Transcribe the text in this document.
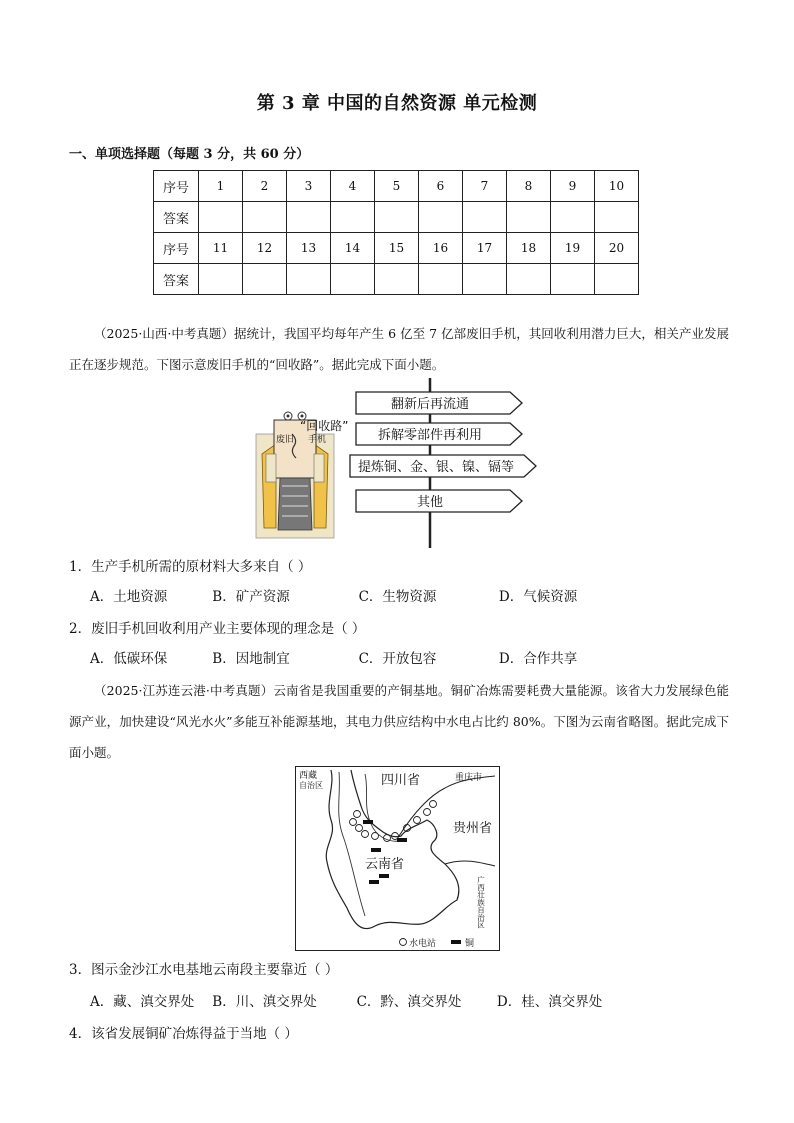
第 3 章 中国的自然资源 单元检测
一、单项选择题（每题 3 分，共 60 分）
序号	1	2	3	4	5	6	7	8	9	10
答案										
序号	11	12	13	14	15	16	17	18	19	20
答案										
（2025·山西·中考真题）据统计，我国平均每年产生 6 亿至 7 亿部废旧手机，其回收利用潜力巨大，相关产业发展正在逐步规范。下图示意废旧手机的“回收路”。据此完成下面小题。
废旧 手机
“回收路”
翻新后再流通
拆解零部件再利用
提炼铜、金、银、镍、镉等
其他
1．生产手机所需的原材料大多来自（ ）
A．土地资源	B．矿产资源	C．生物资源	D．气候资源
2．废旧手机回收利用产业主要体现的理念是（ ）
A．低碳环保	B．因地制宜	C．开放包容	D．合作共享
（2025·江苏连云港·中考真题）云南省是我国重要的产铜基地。铜矿冶炼需要耗费大量能源。该省大力发展绿色能源产业，加快建设“风光水火”多能互补能源基地，其电力供应结构中水电占比约 80%。下图为云南省略图。据此完成下面小题。
西藏
自治区	四川省	重庆市
贵州省
云南省
广西壮族自治区
水电站	铜
3．图示金沙江水电基地云南段主要靠近（ ）
A．藏、滇交界处 B．川、滇交界处	C．黔、滇交界处	D．桂、滇交界处
4．该省发展铜矿冶炼得益于当地（ ）
